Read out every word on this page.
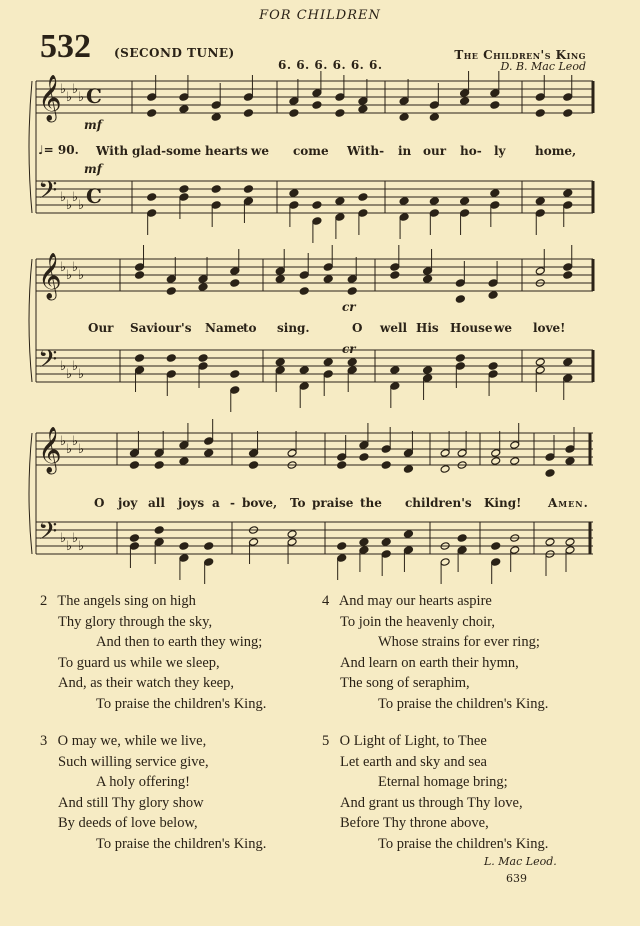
FOR CHILDREN
532 (SECOND TUNE)
6. 6. 6. 6. 6. 6.
The Children's King
D. B. Mac Leod
𝄞
𝄢
♭
♭
♭
♭
♭
♭
♭
♭
C
C
𝄞
𝄢
♭
♭
♭
♭
♭
♭
♭
♭
𝄞
𝄢
♭
♭
♭
♭
♭
♭
♭
♭
mf
mf
cr
cr
♩= 90. With glad-some hearts we come With- in our ho- ly home,
Our Saviour's Name
to sing.	O well His House we love!
O joy all joys a - bove, To praise the children's King! Amen.
2 The angels sing on high
Thy glory through the sky,
And then to earth they wing;
To guard us while we sleep,
And, as their watch they keep,
To praise the children's King.
4 And may our hearts aspire
To join the heavenly choir,
Whose strains for ever ring;
And learn on earth their hymn,
The song of seraphim,
To praise the children's King.
3 O may we, while we live,
Such willing service give,
A holy offering!
And still Thy glory show
By deeds of love below,
To praise the children's King.
5 O Light of Light, to Thee
Let earth and sky and sea
Eternal homage bring;
And grant us through Thy love,
Before Thy throne above,
To praise the children's King.
L. Mac Leod.
639
